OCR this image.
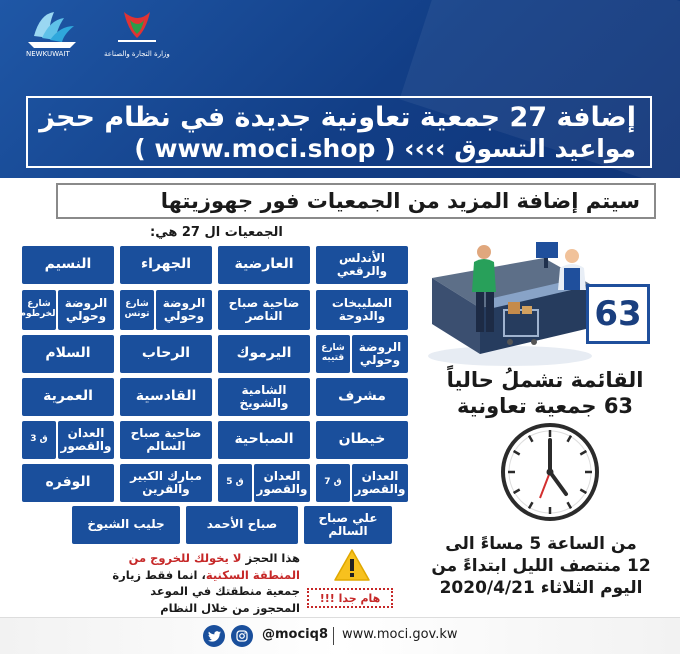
NEWKUWAIT	وزارة التجارة والصناعة
إضافة 27 جمعية تعاونية جديدة في نظام حجز
مواعيد التسوق ›››› ( www.moci.shop )
سيتم إضافة المزيد من الجمعيات فور جهوزيتها
الجمعيات ال 27 هي:
الأندلس والرقعي
العارضية
الجهراء
النسيم
الصليبخات والدوحة
ضاحية صباح الناصر
الروضة وحولي
شارع تونس
الروضة وحولي
شارع الخرطوم
الروضة وحولي
شارع قتيبه
اليرموك
الرحاب
السلام
مشرف
الشامية والشويخ
القادسية
العمرية
خيطان
الصباحية
ضاحية صباح السالم
العدان والقصور
ق 3
العدان والقصور
ق 7
العدان والقصور
ق 5
مبارك الكبير والقرين
الوفره
علي صباح السالم
صباح الأحمد
جليب الشيوخ
63
القائمة تشملُ حالياً
63 جمعية تعاونية
من الساعة 5 مساءً الى
12 منتصف الليل ابتداءً من
اليوم الثلاثاء 2020/4/21
هام جدا !!!
هذا الحجز لا يخولك للخروج من المنطقة السكنية، انما فقط زيارة جمعية منطقتك في الموعد المحجوز من خلال النظام
@mociq8 www.moci.gov.kw
